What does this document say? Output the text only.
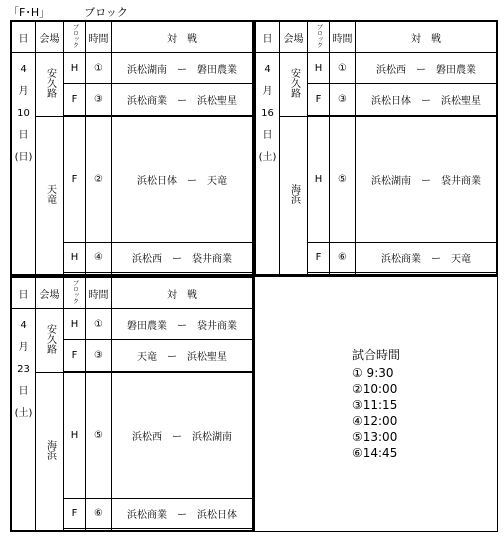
「F･H」	ブロック
日	会場	ブロック	時間	対　戦

4
月
10
日
(日)	安久路	H	①	浜松湖南 ー 磐田農業
		F	③	浜松商業 ー 浜松聖星

	天竜	F	②	浜松日体 ー 天竜
		H	④	浜松西 ー 袋井商業

日	会場	ブロック	時間	対　戦

4
月
16
日
(土)	安久路	H	①	浜松西 ー 磐田農業
		F	③	浜松日体 ー 浜松聖星

	海浜	H	⑤	浜松湖南 ー 袋井商業
		F	⑥	浜松商業 ー 天竜

日	会場	ブロック	時間	対　戦

4
月
23
日
(土)	安久路	H	①	磐田農業 ー 袋井商業
		F	③	天竜 ー 浜松聖星

	海浜	H	⑤	浜松西 ー 浜松湖南
		F	⑥	浜松商業 ー 浜松日体

試合時間
① 9:30
②10:00
③11:15
④12:00
⑤13:00
⑥14:45
